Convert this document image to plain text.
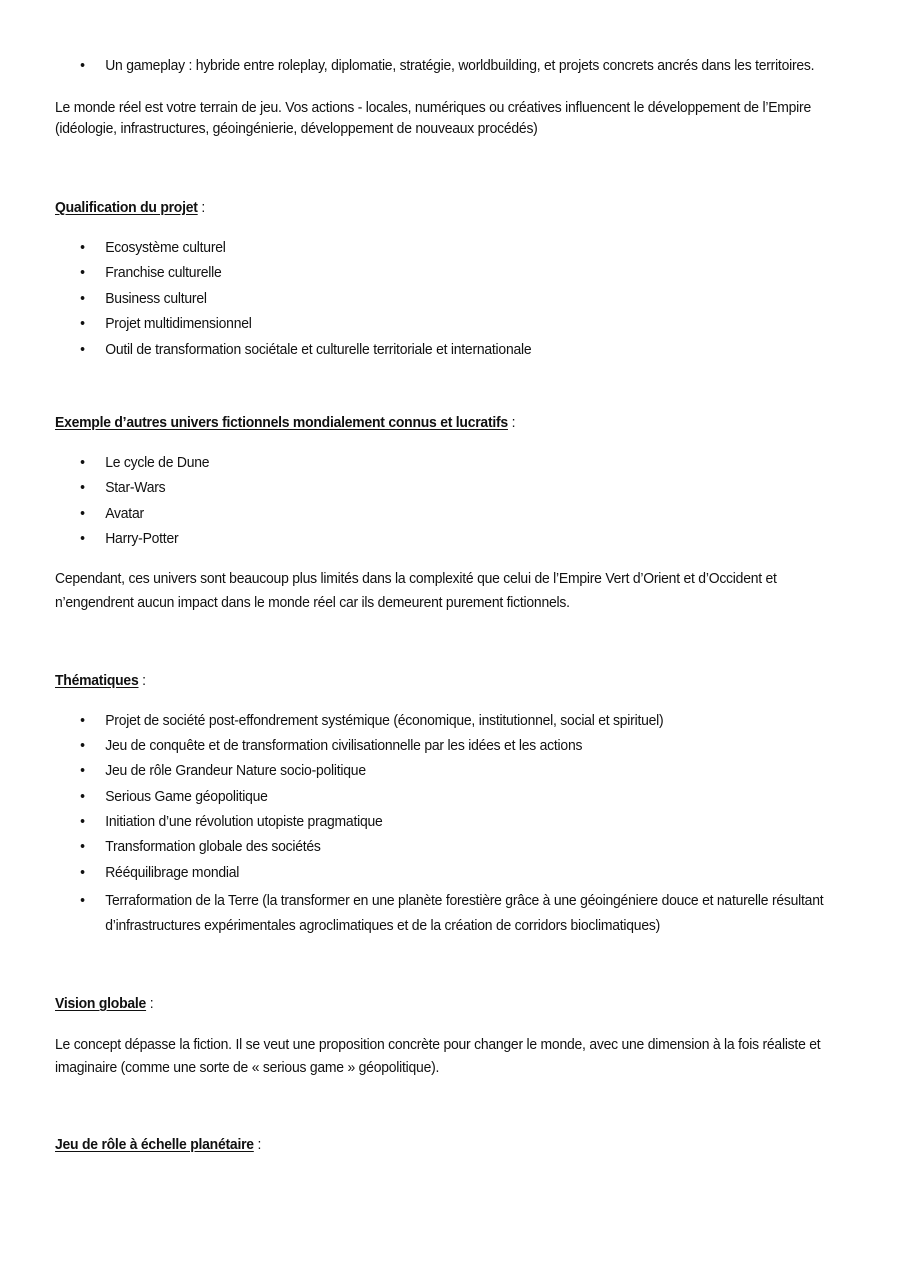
• Un gameplay : hybride entre roleplay, diplomatie, stratégie, worldbuilding, et projets concrets ancrés dans les territoires.

Le monde réel est votre terrain de jeu. Vos actions - locales, numériques ou créatives influencent le développement de l’Empire (idéologie, infrastructures, géoingénierie, développement de nouveaux procédés)

Qualification du projet :

• Ecosystème culturel
• Franchise culturelle
• Business culturel
• Projet multidimensionnel
• Outil de transformation sociétale et culturelle territoriale et internationale

Exemple d’autres univers fictionnels mondialement connus et lucratifs :

• Le cycle de Dune
• Star-Wars
• Avatar
• Harry-Potter

Cependant, ces univers sont beaucoup plus limités dans la complexité que celui de l’Empire Vert d’Orient et d’Occident et n’engendrent aucun impact dans le monde réel car ils demeurent purement fictionnels.

Thématiques :

• Projet de société post-effondrement systémique (économique, institutionnel, social et spirituel)
• Jeu de conquête et de transformation civilisationnelle par les idées et les actions
• Jeu de rôle Grandeur Nature socio-politique
• Serious Game géopolitique
• Initiation d’une révolution utopiste pragmatique
• Transformation globale des sociétés
• Rééquilibrage mondial
• Terraformation de la Terre (la transformer en une planète forestière grâce à une géoingéniere douce et naturelle résultant d’infrastructures expérimentales agroclimatiques et de la création de corridors bioclimatiques)

Vision globale :

Le concept dépasse la fiction. Il se veut une proposition concrète pour changer le monde, avec une dimension à la fois réaliste et imaginaire (comme une sorte de « serious game » géopolitique).

Jeu de rôle à échelle planétaire :
